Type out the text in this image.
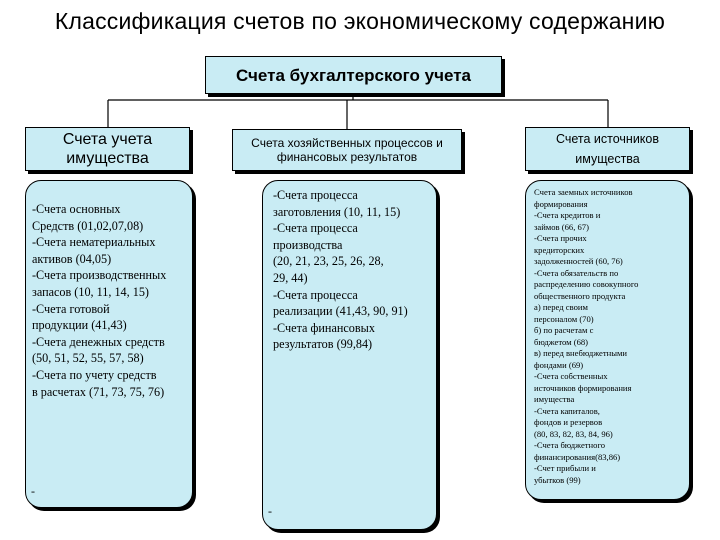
Классификация счетов по экономическому содержанию
Счета бухгалтерского учета
Счета учета
имущества
Счета хозяйственных процессов и
финансовых результатов
Счета источников
имущества
-Счета основных
Средств (01,02,07,08)
-Счета нематериальных
активов (04,05)
-Счета производственных
запасов (10, 11, 14, 15)
-Счета готовой
продукции (41,43)
-Счета денежных средств
(50, 51, 52, 55, 57, 58)
-Счета по учету средств
в расчетах (71, 73, 75, 76)
-
-Счета процесса
заготовления (10, 11, 15)
-Счета процесса
производства
(20, 21, 23, 25, 26, 28,
29, 44)
-Счета процесса
реализации (41,43, 90, 91)
-Счета финансовых
результатов (99,84)
-
Счета заемных источников
формирования
-Счета кредитов и
займов (66, 67)
-Счета прочих
кредиторских
задолженностей (60, 76)
-Счета обязательств по
распределению совокупного
общественного продукта
а) перед своим
персоналом (70)
б) по расчетам с
бюджетом (68)
в) перед внебюджетными
фондами (69)
-Счета собственных
источников формирования
имущества
-Счета капиталов,
фондов и резервов
(80, 83, 82, 83, 84, 96)
-Счета бюджетного
финансирования(83,86)
-Счет прибыли и
убытков (99)
